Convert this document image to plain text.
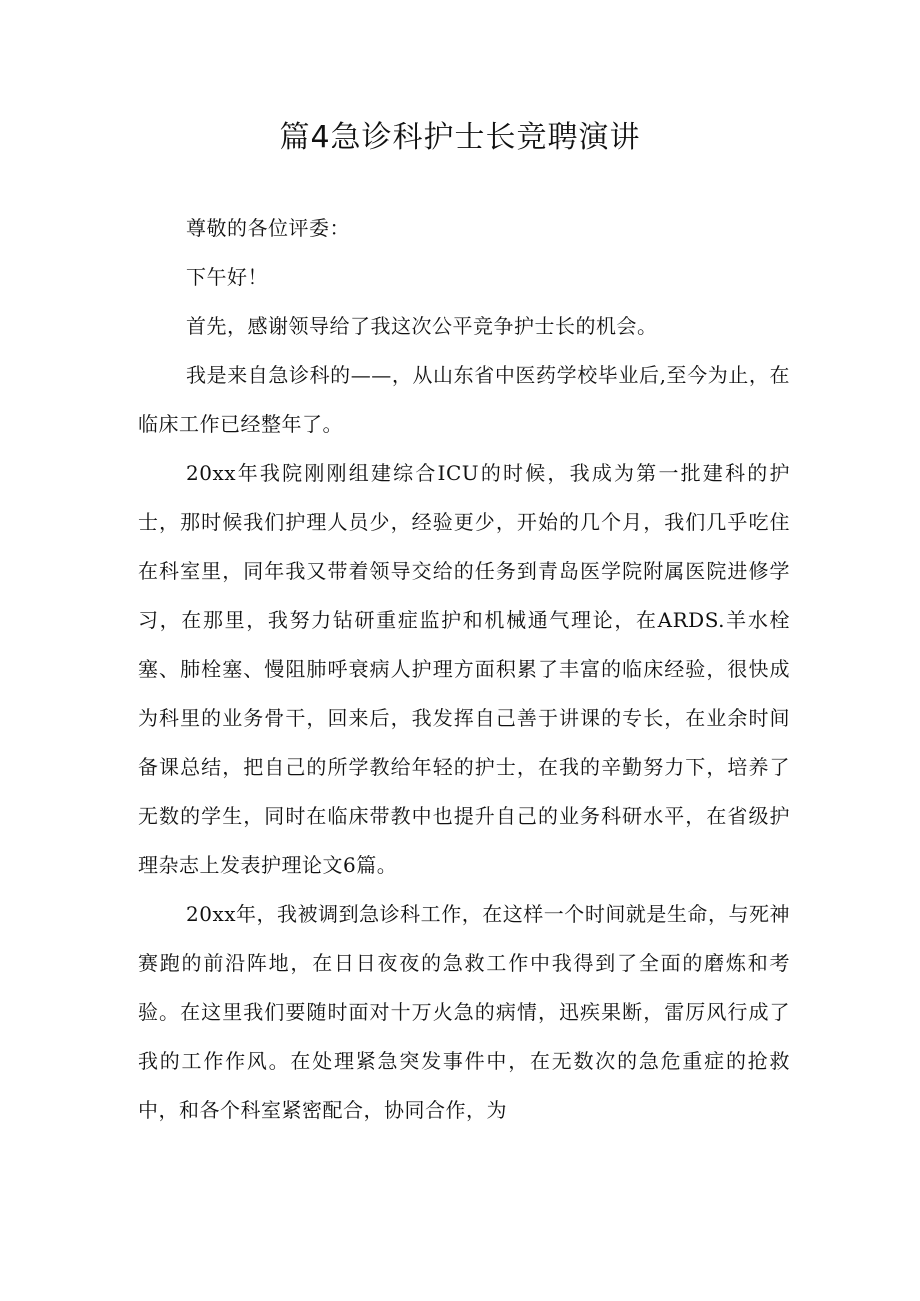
篇4急诊科护士长竞聘演讲

尊敬的各位评委：

下午好！

首先，感谢领导给了我这次公平竞争护士长的机会。

我是来自急诊科的——，从山东省中医药学校毕业后,至今为止，在临床工作已经整年了。

20xx年我院刚刚组建综合ICU的时候，我成为第一批建科的护士，那时候我们护理人员少，经验更少，开始的几个月，我们几乎吃住在科室里，同年我又带着领导交给的任务到青岛医学院附属医院进修学习，在那里，我努力钻研重症监护和机械通气理论，在ARDS.羊水栓塞、肺栓塞、慢阻肺呼衰病人护理方面积累了丰富的临床经验，很快成为科里的业务骨干，回来后，我发挥自己善于讲课的专长，在业余时间备课总结，把自己的所学教给年轻的护士，在我的辛勤努力下，培养了无数的学生，同时在临床带教中也提升自己的业务科研水平，在省级护理杂志上发表护理论文6篇。

20xx年，我被调到急诊科工作，在这样一个时间就是生命，与死神赛跑的前沿阵地，在日日夜夜的急救工作中我得到了全面的磨炼和考验。在这里我们要随时面对十万火急的病情，迅疾果断，雷厉风行成了我的工作作风。在处理紧急突发事件中，在无数次的急危重症的抢救中，和各个科室紧密配合，协同合作，为
